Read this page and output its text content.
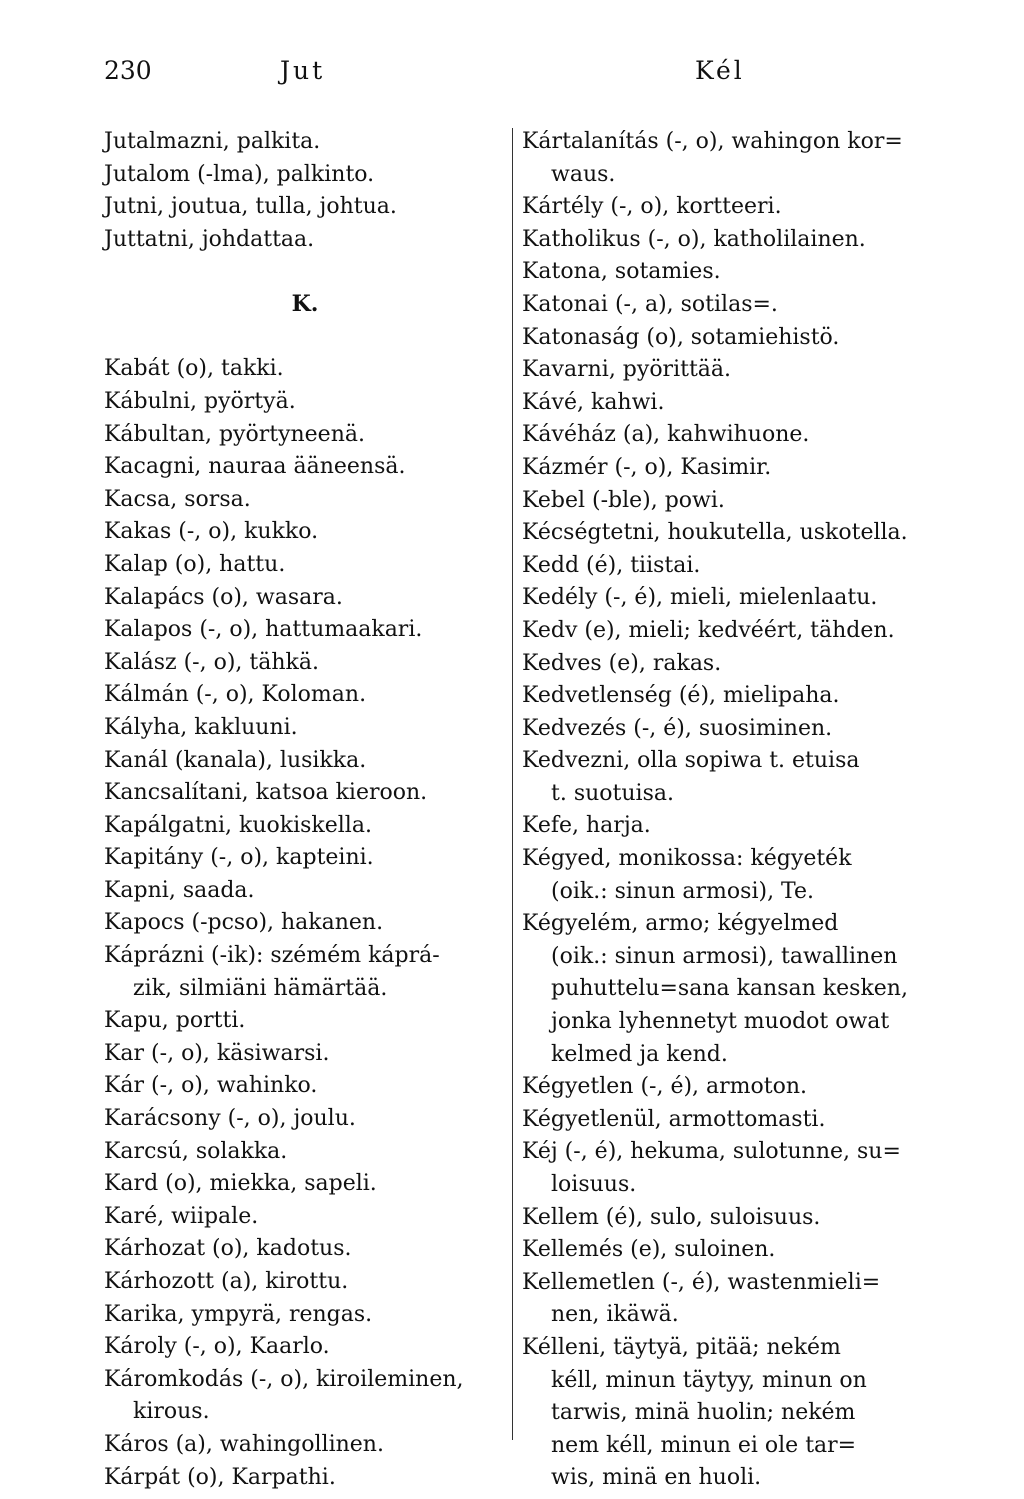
230	Jut	Kél
Jutalmazni, palkita.
Jutalom (-lma), palkinto.
Jutni, joutua, tulla, johtua.
Juttatni, johdattaa.
K.
Kabát (o), takki.
Kábulni, pyörtyä.
Kábultan, pyörtyneenä.
Kacagni, nauraa ääneensä.
Kacsa, sorsa.
Kakas (-, o), kukko.
Kalap (o), hattu.
Kalapács (o), wasara.
Kalapos (-, o), hattumaakari.
Kalász (-, o), tähkä.
Kálmán (-, o), Koloman.
Kályha, kakluuni.
Kanál (kanala), lusikka.
Kancsalítani, katsoa kieroon.
Kapálgatni, kuokiskella.
Kapitány (-, o), kapteini.
Kapni, saada.
Kapocs (-pcso), hakanen.
Káprázni (-ik): szémém káprá-
zik, silmiäni hämärtää.
Kapu, portti.
Kar (-, o), käsiwarsi.
Kár (-, o), wahinko.
Karácsony (-, o), joulu.
Karcsú, solakka.
Kard (o), miekka, sapeli.
Karé, wiipale.
Kárhozat (o), kadotus.
Kárhozott (a), kirottu.
Karika, ympyrä, rengas.
Károly (-, o), Kaarlo.
Káromkodás (-, o), kiroileminen,
kirous.
Káros (a), wahingollinen.
Kárpát (o), Karpathi.
Kártalanítás (-, o), wahingon kor=
waus.
Kártély (-, o), kortteeri.
Katholikus (-, o), katholilainen.
Katona, sotamies.
Katonai (-, a), sotilas=.
Katonaság (o), sotamiehistö.
Kavarni, pyörittää.
Kávé, kahwi.
Kávéház (a), kahwihuone.
Kázmér (-, o), Kasimir.
Kebel (-ble), powi.
Kécségtetni, houkutella, uskotella.
Kedd (é), tiistai.
Kedély (-, é), mieli, mielenlaatu.
Kedv (e), mieli; kedvéért, tähden.
Kedves (e), rakas.
Kedvetlenség (é), mielipaha.
Kedvezés (-, é), suosiminen.
Kedvezni, olla sopiwa t. etuisa
t. suotuisa.
Kefe, harja.
Kégyed, monikossa: kégyeték
(oik.: sinun armosi), Te.
Kégyelém, armo; kégyelmed
(oik.: sinun armosi), tawallinen
puhuttelu=sana kansan kesken,
jonka lyhennetyt muodot owat
kelmed ja kend.
Kégyetlen (-, é), armoton.
Kégyetlenül, armottomasti.
Kéj (-, é), hekuma, sulotunne, su=
loisuus.
Kellem (é), sulo, suloisuus.
Kellemés (e), suloinen.
Kellemetlen (-, é), wastenmieli=
nen, ikäwä.
Kélleni, täytyä, pitää; nekém
kéll, minun täytyy, minun on
tarwis, minä huolin; nekém
nem kéll, minun ei ole tar=
wis, minä en huoli.
